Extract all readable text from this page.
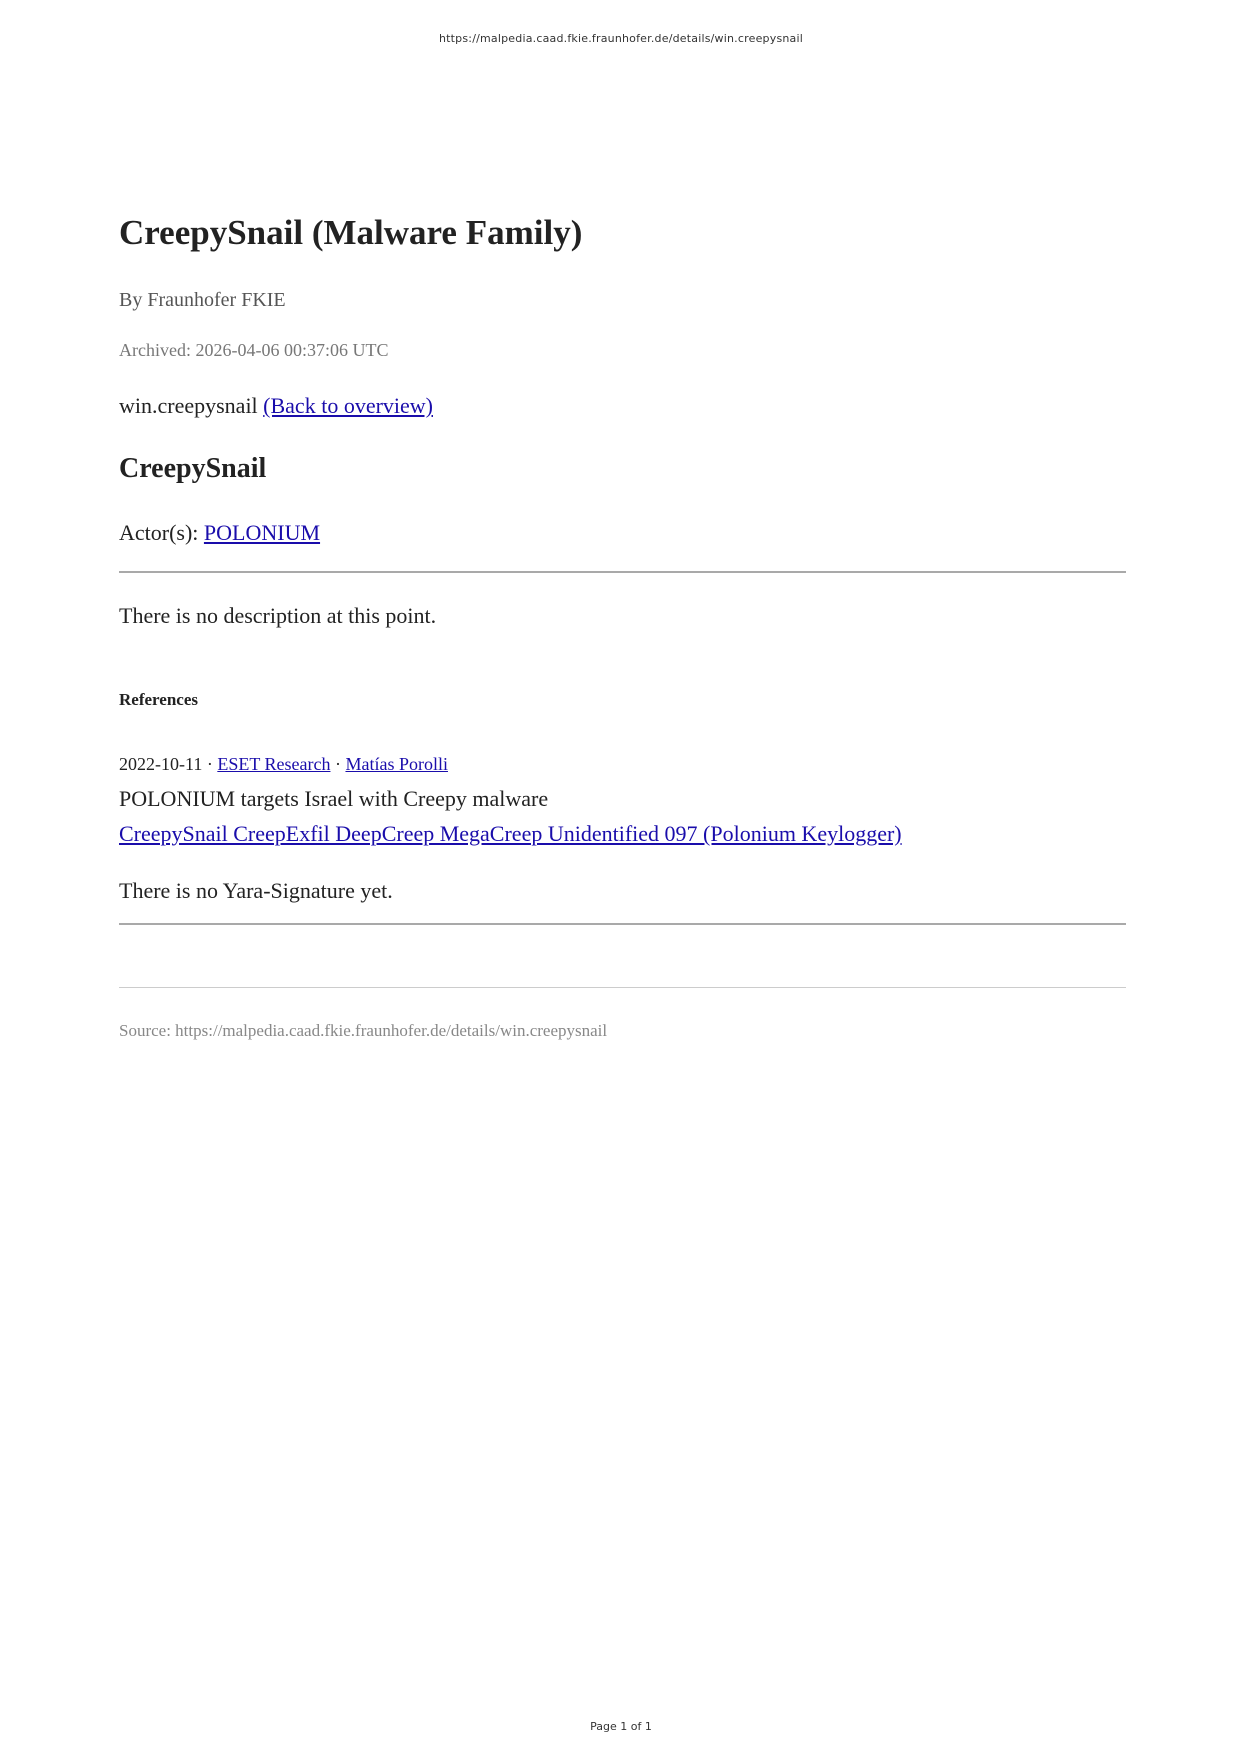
https://malpedia.caad.fkie.fraunhofer.de/details/win.creepysnail
CreepySnail (Malware Family)
By Fraunhofer FKIE
Archived: 2026-04-06 00:37:06 UTC
win.creepysnail (Back to overview)
CreepySnail
Actor(s): POLONIUM
There is no description at this point.
References
2022-10-11 · ESET Research · Matías Porolli
POLONIUM targets Israel with Creepy malware
CreepySnail CreepExfil DeepCreep MegaCreep Unidentified 097 (Polonium Keylogger)
There is no Yara-Signature yet.
Source: https://malpedia.caad.fkie.fraunhofer.de/details/win.creepysnail
Page 1 of 1
